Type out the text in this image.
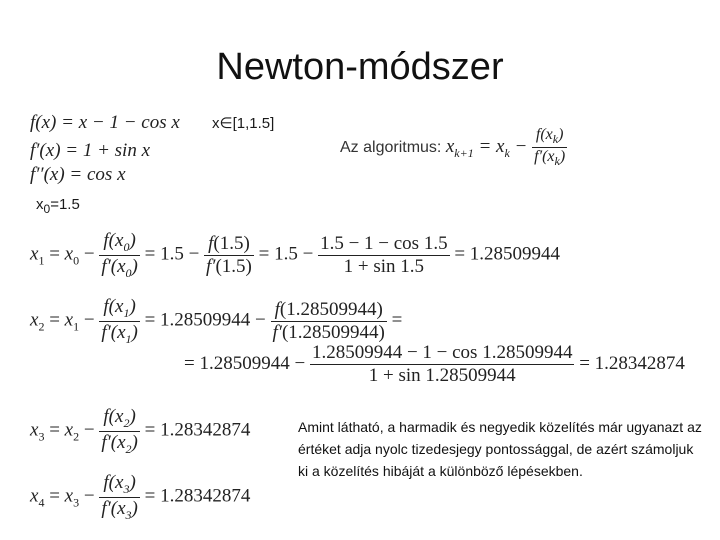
Newton-módszer
f(x) = x − 1 − cos x x∈[1,1.5]
f′(x) = 1 + sin x
f′′(x) = cos x
Az algoritmus: $x_{k+1} = x_k - \frac{f(x_k)}{f'(x_k)}$
$x_0=1.5$
$x_1 = x_0 - \frac{f(x_0)}{f'(x_0)} = 1.5 - \frac{f(1.5)}{f'(1.5)} = 1.5 - \frac{1.5 - 1 - \cos 1.5}{1 + \sin 1.5} = 1.28509944$
$x_2 = x_1 - \frac{f(x_1)}{f'(x_1)} = 1.28509944 - \frac{f(1.28509944)}{f'(1.28509944)}$ =
= $1.28509944 - \frac{1.28509944 - 1 - \cos 1.28509944}{1 + \sin 1.28509944} = 1.28342874$
$x_3 = x_2 - \frac{f(x_2)}{f'(x_2)} = 1.28342874$
$x_4 = x_3 - \frac{f(x_3)}{f'(x_3)} = 1.28342874$
Amint látható, a harmadik és negyedik közelítés már ugyanazt az értéket adja nyolc tizedesjegy pontossággal, de azért számoljuk ki a közelítés hibáját a különböző lépésekben.
